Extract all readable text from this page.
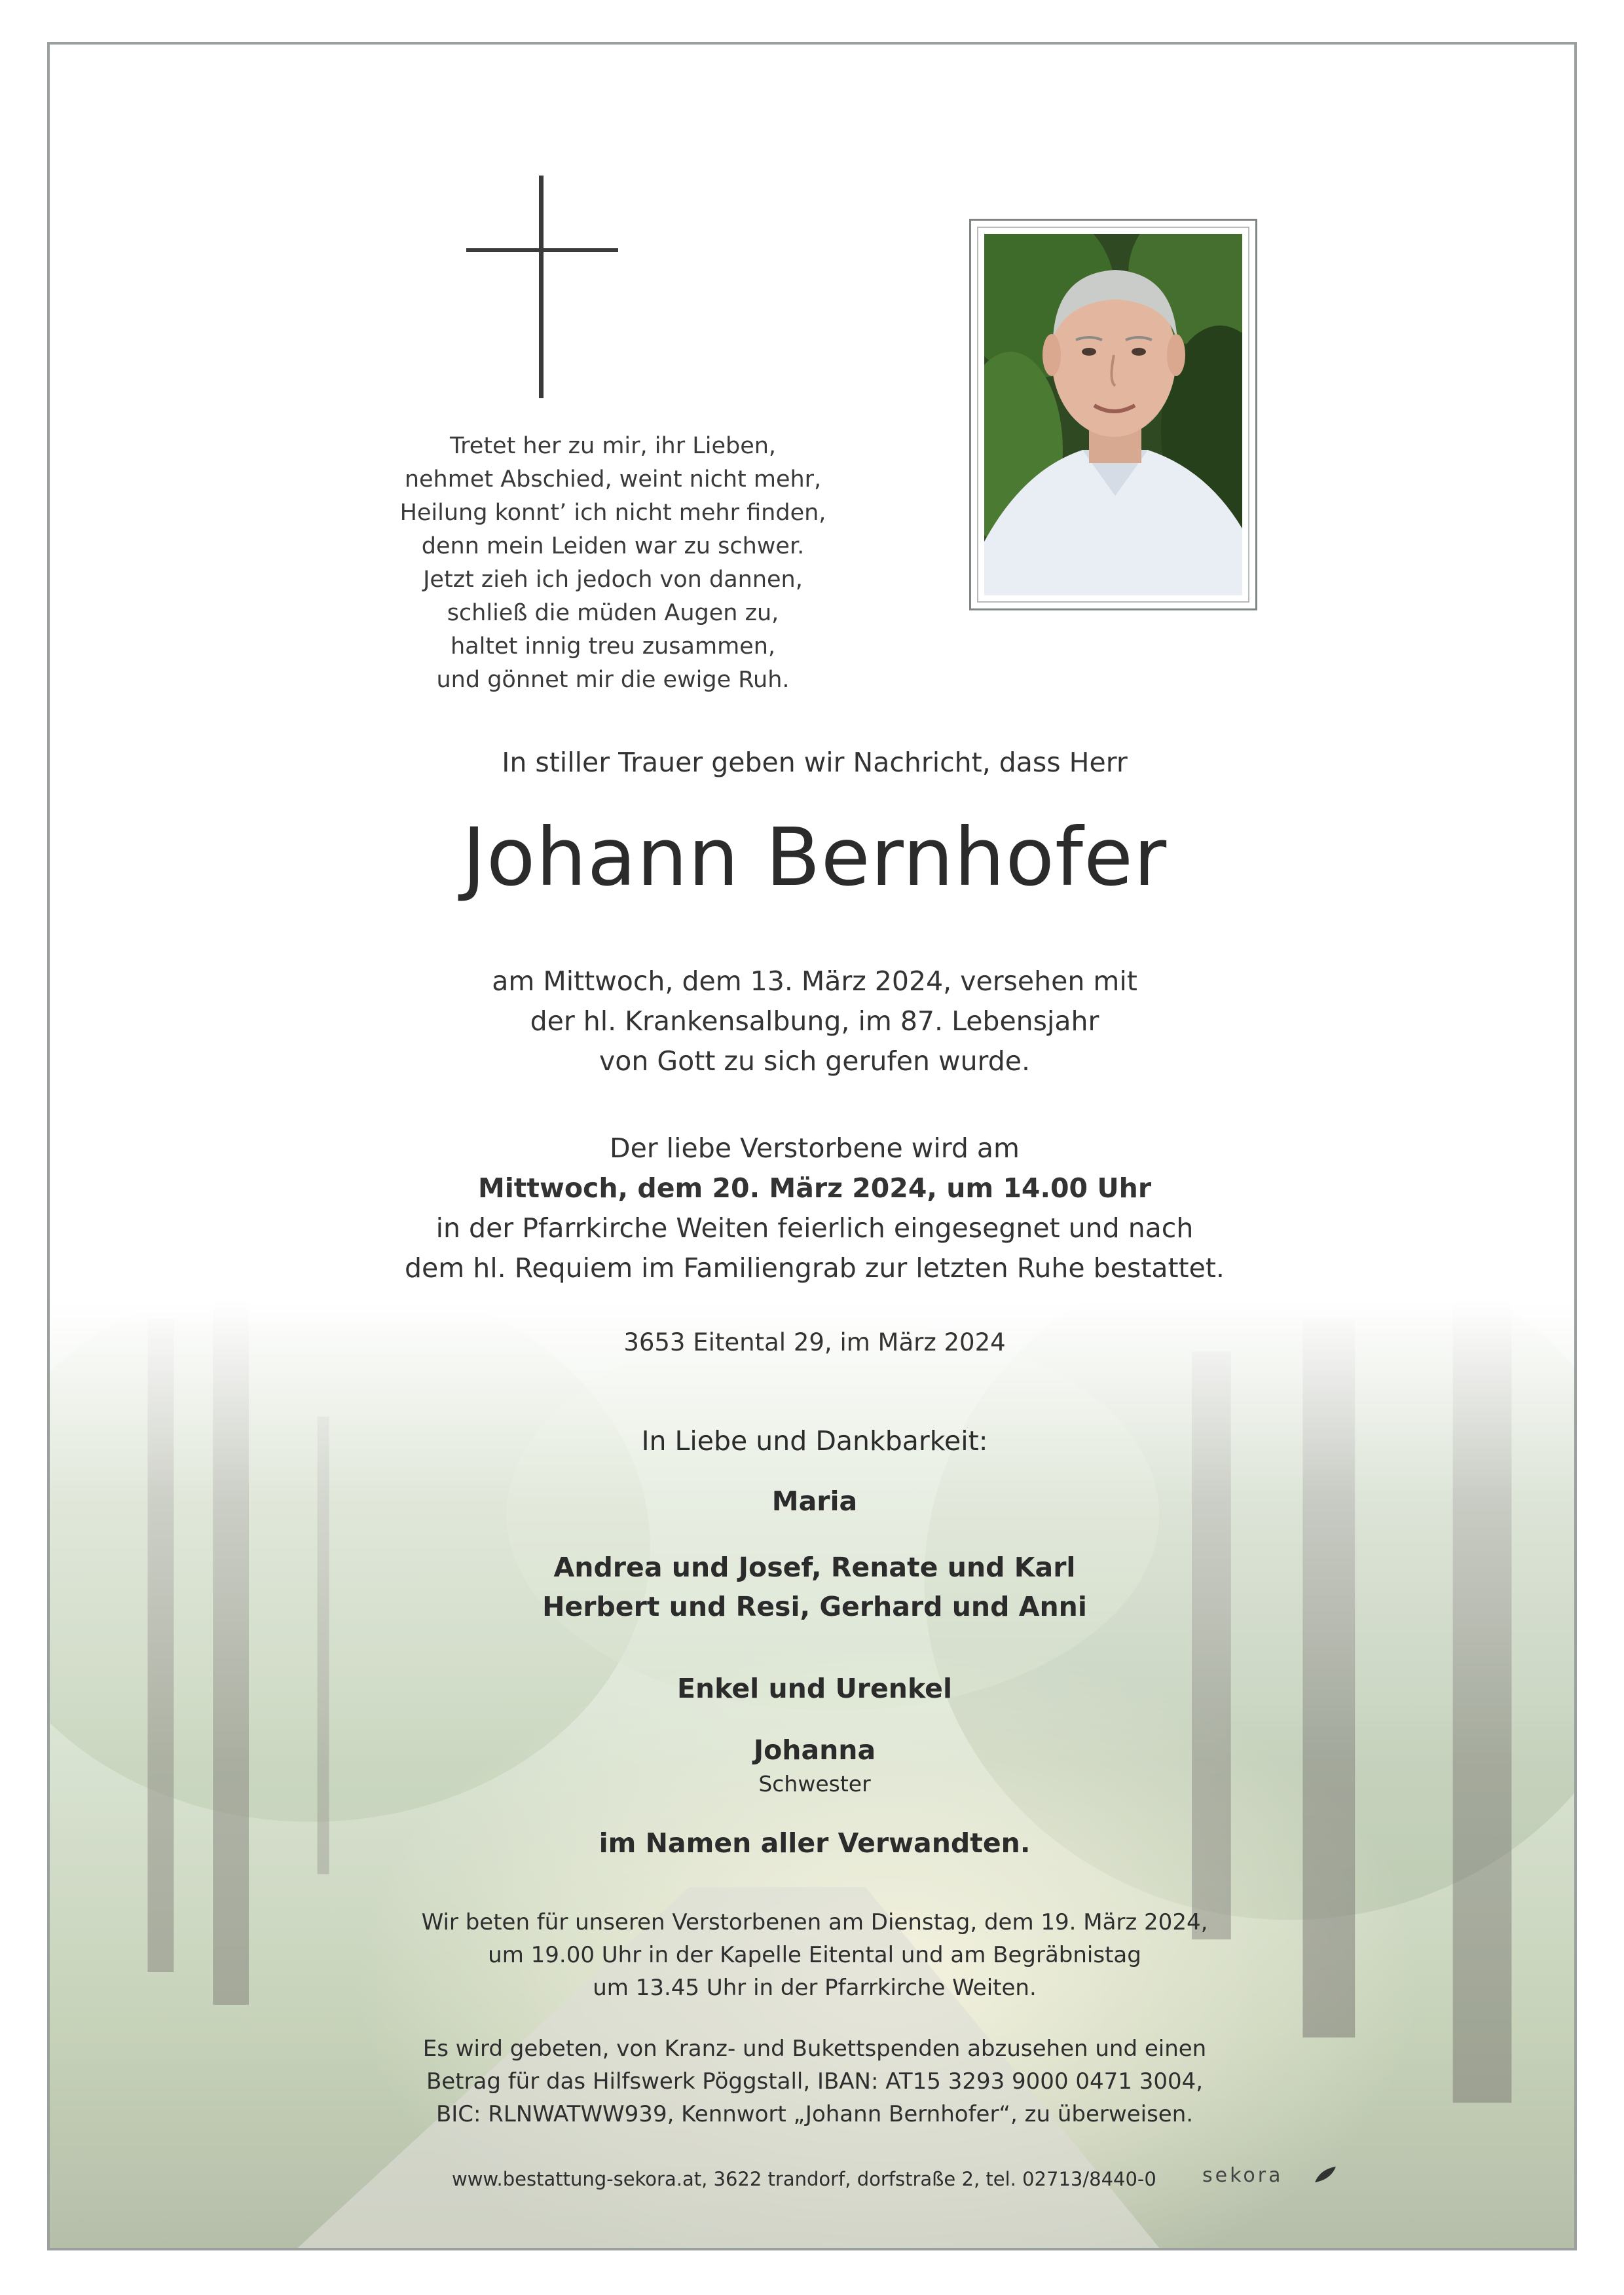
Tretet her zu mir, ihr Lieben,
nehmet Abschied, weint nicht mehr,
Heilung konnt’ ich nicht mehr finden,
denn mein Leiden war zu schwer.
Jetzt zieh ich jedoch von dannen,
schließ die müden Augen zu,
haltet innig treu zusammen,
und gönnet mir die ewige Ruh.
In stiller Trauer geben wir Nachricht, dass Herr
Johann Bernhofer
am Mittwoch, dem 13. März 2024, versehen mit
der hl. Krankensalbung, im 87. Lebensjahr
von Gott zu sich gerufen wurde.
Der liebe Verstorbene wird am
Mittwoch, dem 20. März 2024, um 14.00 Uhr
in der Pfarrkirche Weiten feierlich eingesegnet und nach
dem hl. Requiem im Familiengrab zur letzten Ruhe bestattet.
3653 Eitental 29, im März 2024
In Liebe und Dankbarkeit:
Maria
Andrea und Josef, Renate und Karl
Herbert und Resi, Gerhard und Anni
Enkel und Urenkel
Johanna
Schwester
im Namen aller Verwandten.
Wir beten für unseren Verstorbenen am Dienstag, dem 19. März 2024,
um 19.00 Uhr in der Kapelle Eitental und am Begräbnistag
um 13.45 Uhr in der Pfarrkirche Weiten.
Es wird gebeten, von Kranz- und Bukettspenden abzusehen und einen
Betrag für das Hilfswerk Pöggstall, IBAN: AT15 3293 9000 0471 3004,
BIC: RLNWATWW939, Kennwort „Johann Bernhofer“, zu überweisen.
www.bestattung-sekora.at, 3622 trandorf, dorfstraße 2, tel. 02713/8440-0 sekora
